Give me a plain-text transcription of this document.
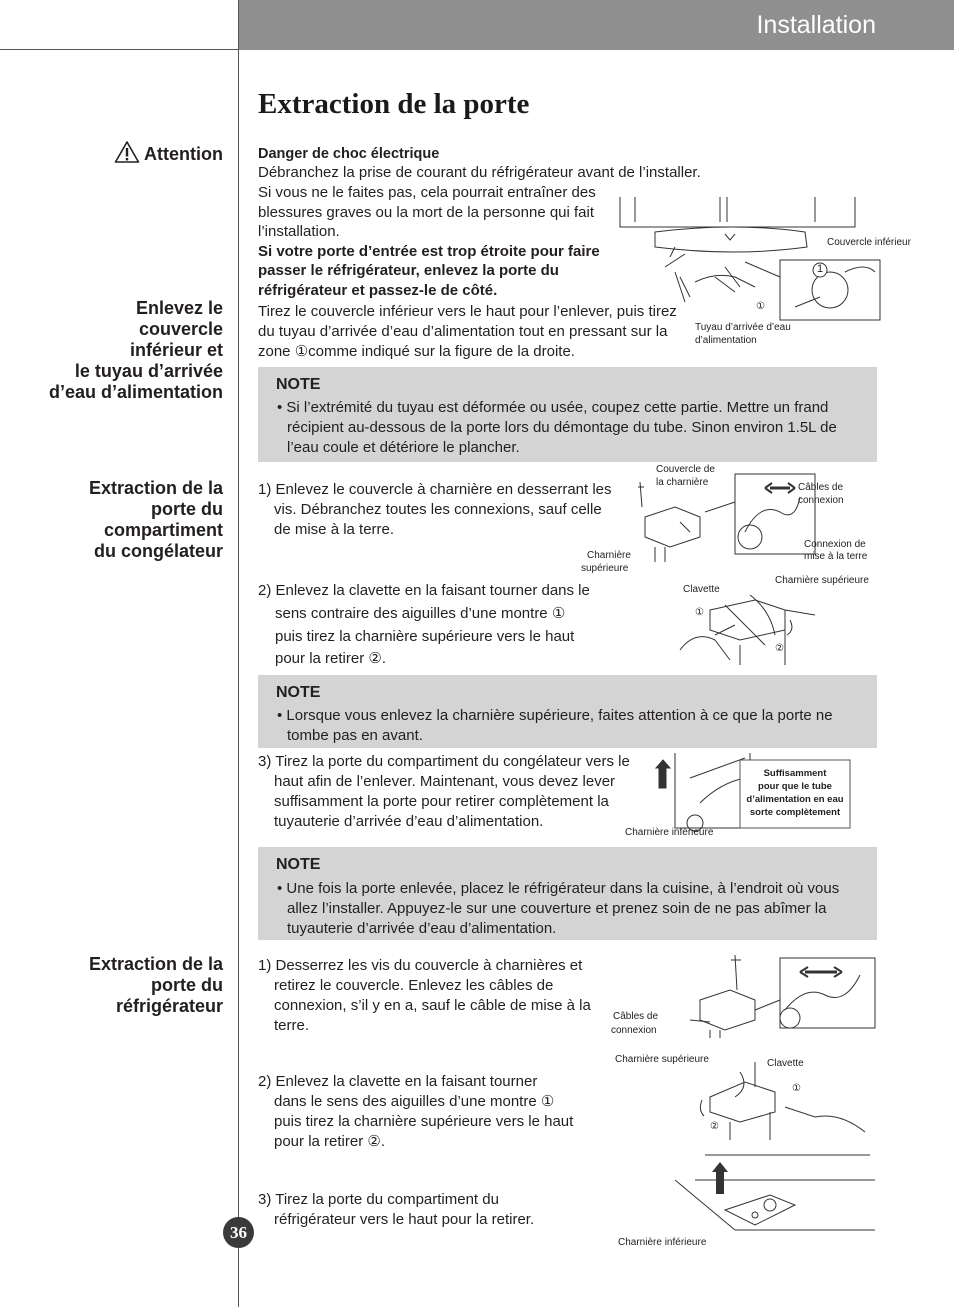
Installation
Extraction de la porte
Attention Danger de choc électrique
Débranchez la prise de courant du réfrigérateur avant de l’installer.
Si vous ne le faites pas, cela pourrait entraîner des
blessures graves ou la mort de la personne qui fait
l’installation.
Si votre porte d’entrée est trop étroite pour faire
passer le réfrigérateur, enlevez la porte du
réfrigérateur et passez-le de côté.
Enlevez le
couvercle
inférieur et
le tuyau d’arrivée
d’eau d’alimentation
Tirez le couvercle inférieur vers le haut pour l’enlever, puis tirez
du tuyau d’arrivée d’eau d’alimentation tout en pressant sur la
zone ①comme indiqué sur la figure de la droite.
1
①
Couvercle inférieur
Tuyau d’arrivée d’eau
d’alimentation
NOTE
• Si l’extrémité du tuyau est déformée ou usée, coupez cette partie. Mettre un frand récipient au-dessous de la porte lors du démontage du tube. Sinon environ 1.5L de l’eau coule et détériore le plancher.
Extraction de la
porte du
compartiment
du congélateur
1) Enlevez le couvercle à charnière en desserrant les vis. Débranchez toutes les connexions, sauf celle de mise à la terre.
Couvercle de
la charnière	Câbles de
connexion
Charnière
supérieure
Connexion de
mise à la terre
2) Enlevez la clavette en la faisant tourner dans le
sens contraire des aiguilles d’une montre ①
puis tirez la charnière supérieure vers le haut
pour la retirer ②.
Clavette
Charnière supérieure
①
②
NOTE
• Lorsque vous enlevez la charnière supérieure, faites attention à ce que la porte ne tombe pas en avant.
3) Tirez la porte du compartiment du congélateur vers le haut afin de l’enlever. Maintenant, vous devez lever suffisamment la porte pour retirer complètement la tuyauterie d’arrivée d’eau d’alimentation.
Suffisamment
pour que le tube
d’alimentation en eau
sorte complètement
Charnière inférieure
NOTE
• Une fois la porte enlevée, placez le réfrigérateur dans la cuisine, à l’endroit où vous allez l’installer. Appuyez-le sur une couverture et prenez soin de ne pas abîmer la tuyauterie d’arrivée d’eau d’alimentation.
Extraction de la
porte du
réfrigérateur
1) Desserrez les vis du couvercle à charnières et retirez le couvercle. Enlevez les câbles de connexion, s’il y en a, sauf le câble de mise à la terre.
2) Enlevez la clavette en la faisant tourner dans le sens des aiguilles d’une montre ① puis tirez la charnière supérieure vers le haut pour la retirer ②.
3) Tirez la porte du compartiment du réfrigérateur vers le haut pour la retirer.
Câbles de
connexion
Charnière supérieure	Clavette
①
②
Charnière inférieure
36
